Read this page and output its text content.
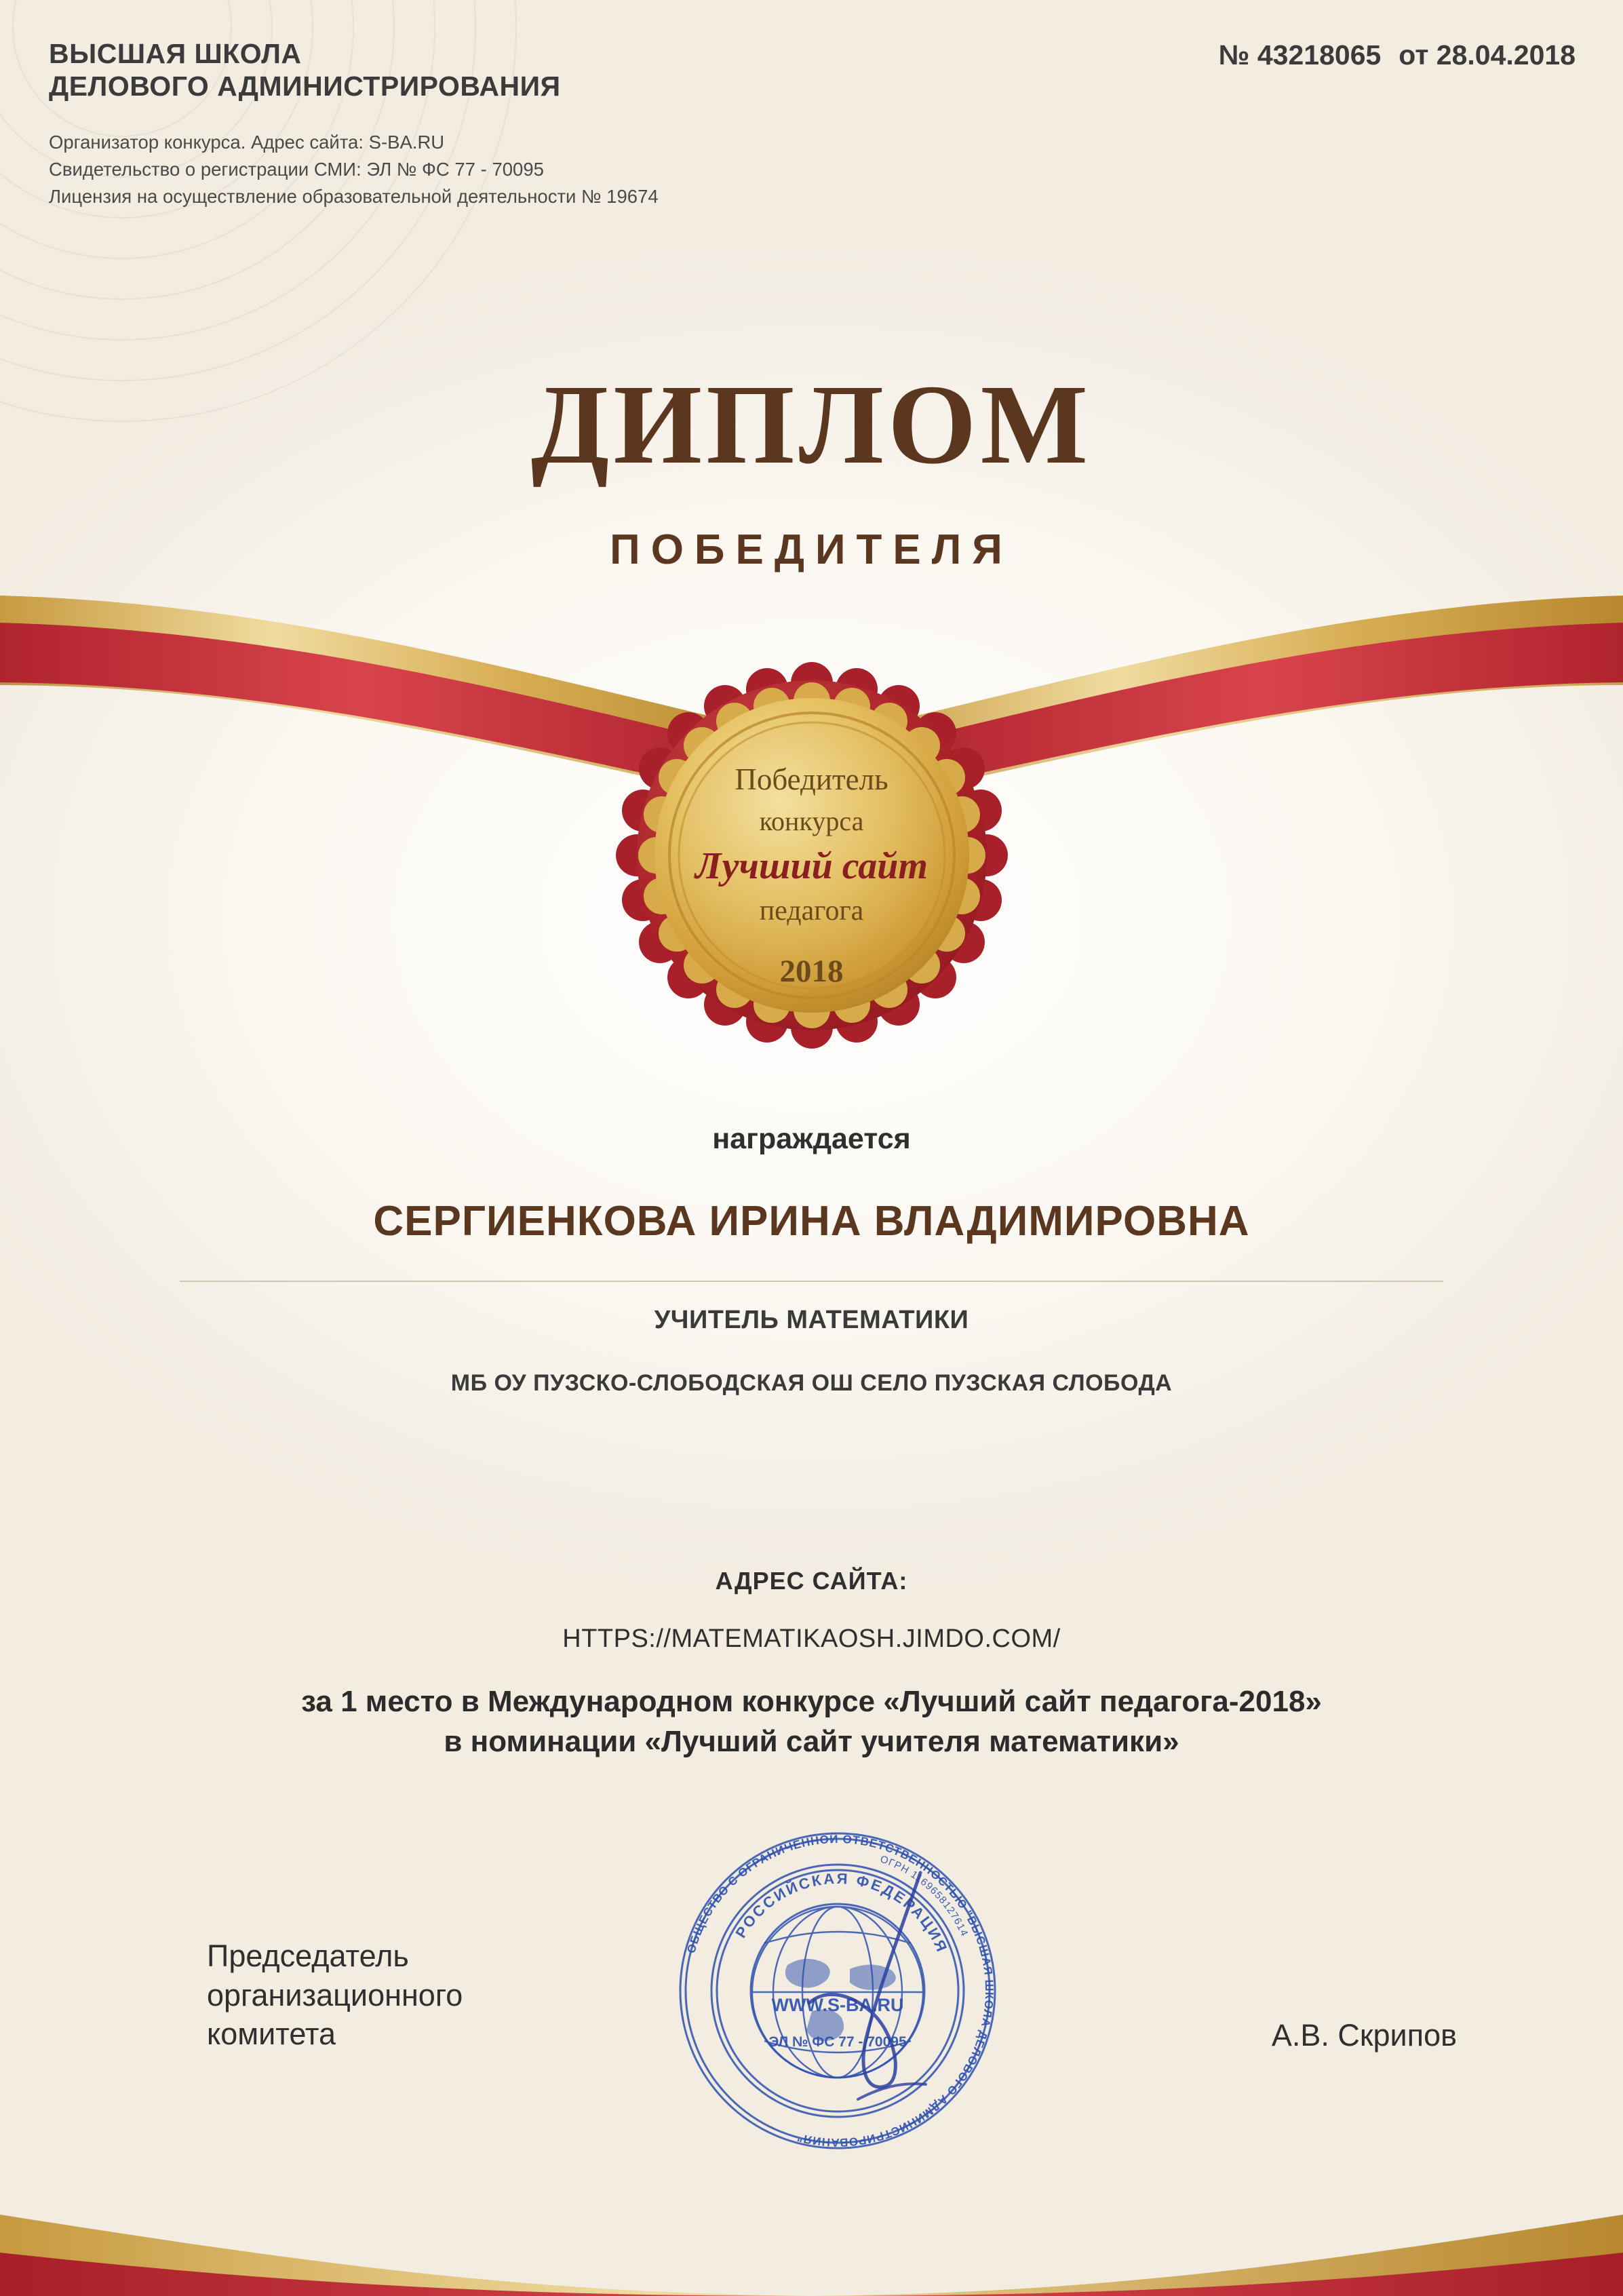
ВЫСШАЯ ШКОЛА
ДЕЛОВОГО АДМИНИСТРИРОВАНИЯ
№ 43218065 от 28.04.2018
Организатор конкурса. Адрес сайта: S-BA.RU
Свидетельство о регистрации СМИ: ЭЛ № ФС 77 - 70095
Лицензия на осуществление образовательной деятельности № 19674
ДИПЛОМ
ПОБЕДИТЕЛЯ
Победитель
конкурса
Лучший сайт
педагога
2018
награждается
СЕРГИЕНКОВА ИРИНА ВЛАДИМИРОВНА
УЧИТЕЛЬ МАТЕМАТИКИ
МБ ОУ ПУЗСКО-СЛОБОДСКАЯ ОШ СЕЛО ПУЗСКАЯ СЛОБОДА
АДРЕС САЙТА:
HTTPS://MATEMATIKAOSH.JIMDO.COM/
за 1 место в Международном конкурсе «Лучший сайт педагога-2018»
в номинации «Лучший сайт учителя математики»
ОБЩЕСТВО С ОГРАНИЧЕННОЙ ОТВЕТСТВЕННОСТЬЮ "ВЫСШАЯ ШКОЛА ДЕЛОВОГО АДМИНИСТРИРОВАНИЯ"
ОГРН 1169658127614
РОССИЙСКАЯ ФЕДЕРАЦИЯ
WWW.S-BA.RU
ЭЛ № ФС 77 - 70095
Председатель
организационного
комитета	А.В. Скрипов
